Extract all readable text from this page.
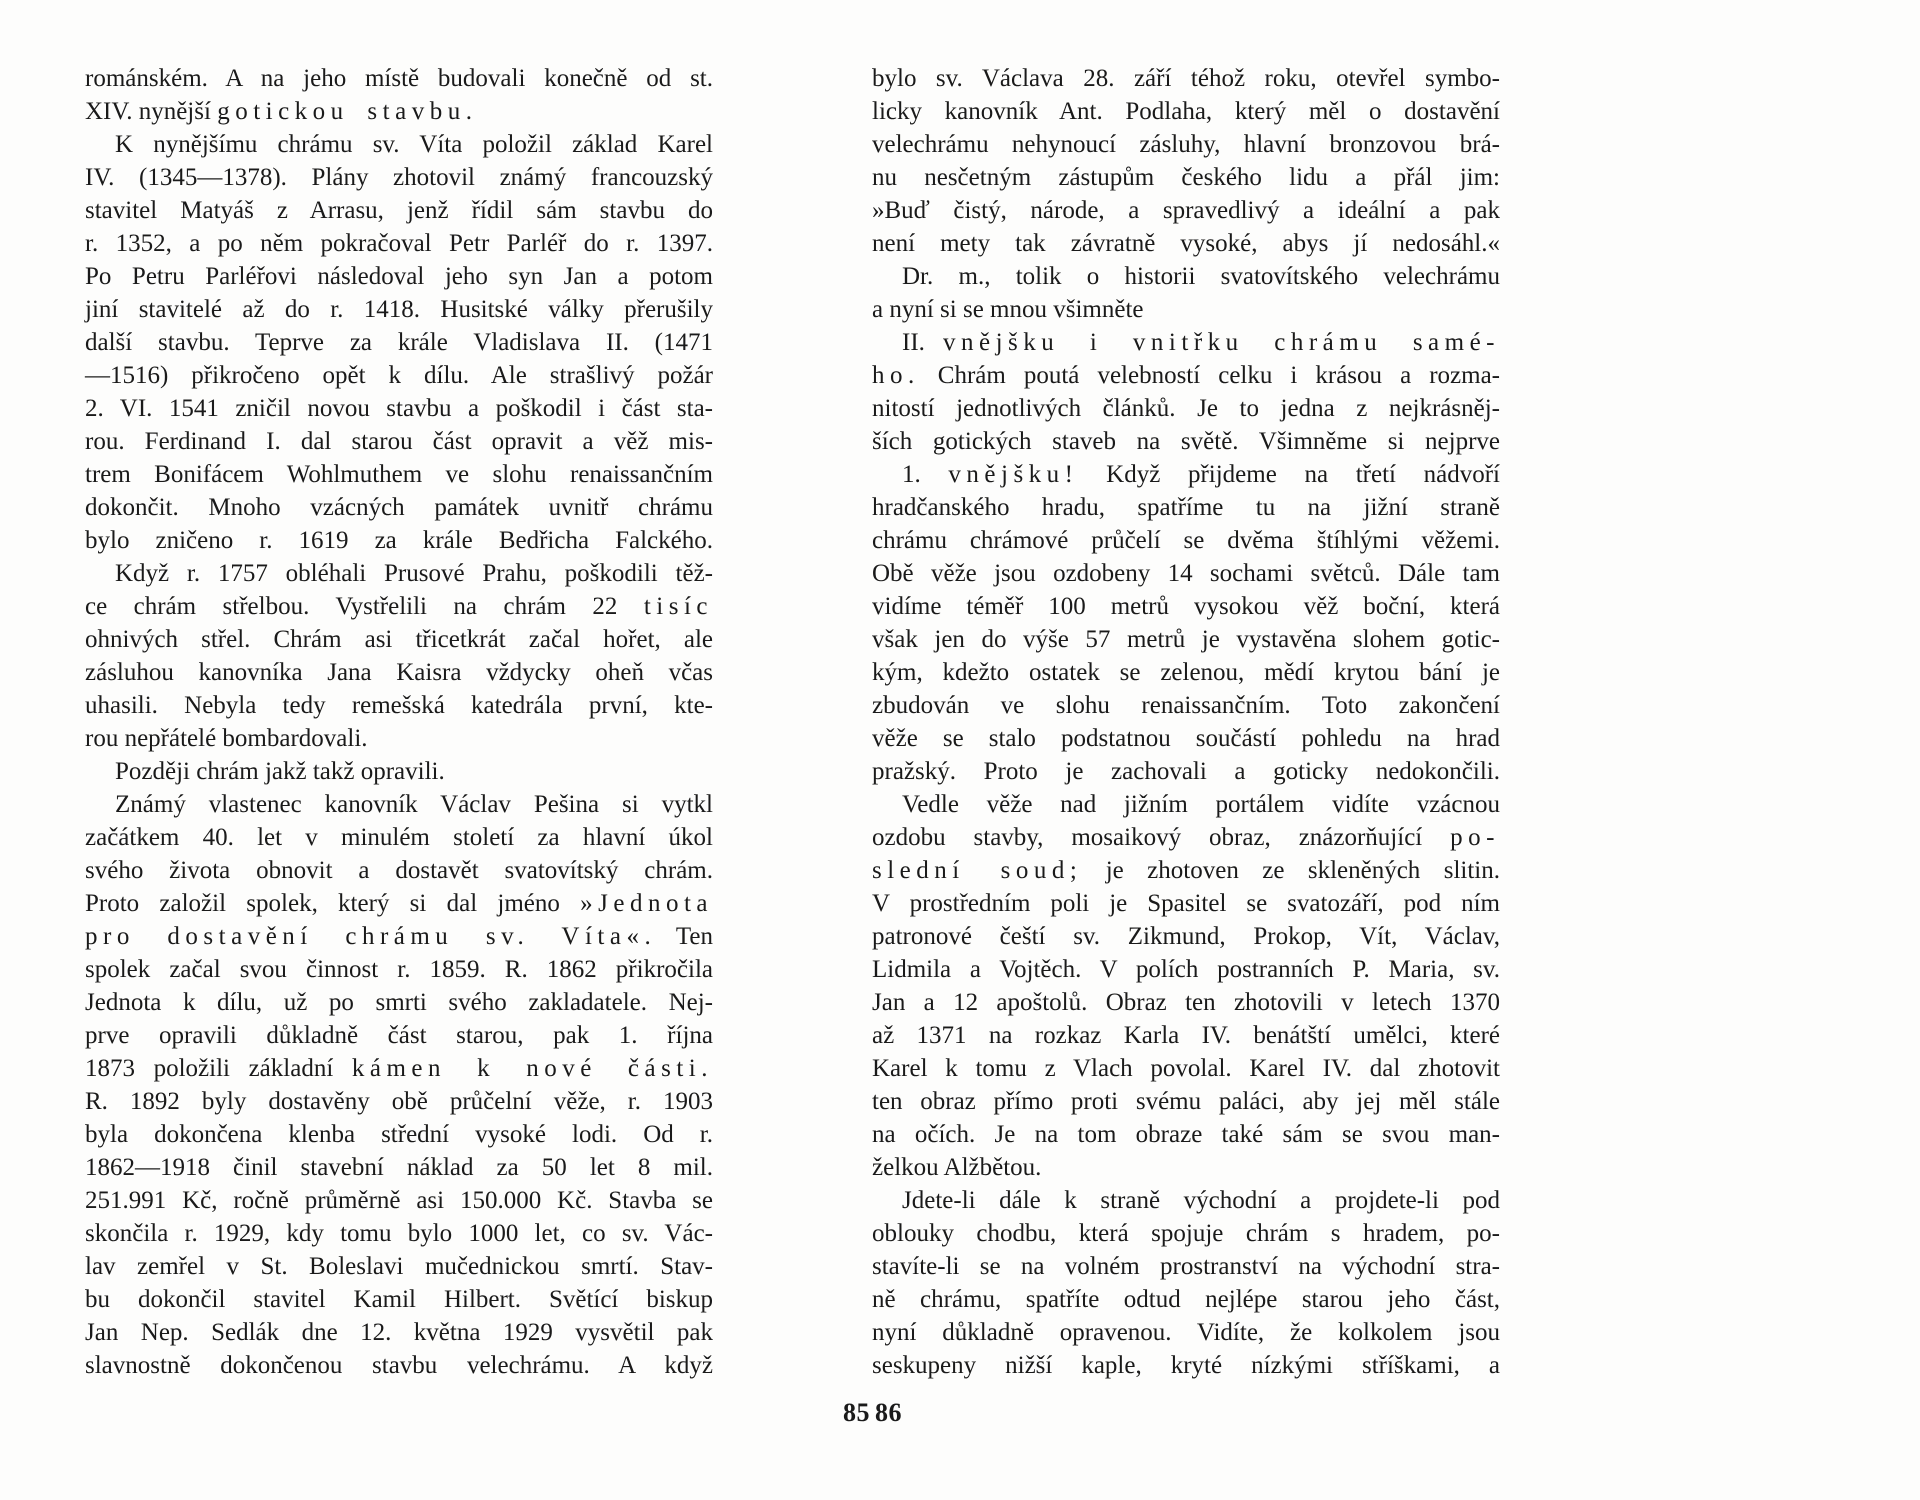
románském. A na jeho místě budovali konečně od st.
XIV. nynější gotickou stavbu.
K nynějšímu chrámu sv. Víta položil základ Karel
IV. (1345—1378). Plány zhotovil známý francouzský
stavitel Matyáš z Arrasu, jenž řídil sám stavbu do
r. 1352, a po něm pokračoval Petr Parléř do r. 1397.
Po Petru Parléřovi následoval jeho syn Jan a potom
jiní stavitelé až do r. 1418. Husitské války přerušily
další stavbu. Teprve za krále Vladislava II. (1471
—1516) přikročeno opět k dílu. Ale strašlivý požár
2. VI. 1541 zničil novou stavbu a poškodil i část sta-
rou. Ferdinand I. dal starou část opravit a věž mis-
trem Bonifácem Wohlmuthem ve slohu renaissančním
dokončit. Mnoho vzácných památek uvnitř chrámu
bylo zničeno r. 1619 za krále Bedřicha Falckého.
Když r. 1757 obléhali Prusové Prahu, poškodili těž-
ce chrám střelbou. Vystřelili na chrám 22 tisíc
ohnivých střel. Chrám asi třicetkrát začal hořet, ale
zásluhou kanovníka Jana Kaisra vždycky oheň včas
uhasili. Nebyla tedy remešská katedrála první, kte-
rou nepřátelé bombardovali.
Později chrám jakž takž opravili.
Známý vlastenec kanovník Václav Pešina si vytkl
začátkem 40. let v minulém století za hlavní úkol
svého života obnovit a dostavět svatovítský chrám.
Proto založil spolek, který si dal jméno »Jednota
pro dostavění chrámu sv. Víta«. Ten
spolek začal svou činnost r. 1859. R. 1862 přikročila
Jednota k dílu, už po smrti svého zakladatele. Nej-
prve opravili důkladně část starou, pak 1. října
1873 položili základní kámen k nové části.
R. 1892 byly dostavěny obě průčelní věže, r. 1903
byla dokončena klenba střední vysoké lodi. Od r.
1862—1918 činil stavební náklad za 50 let 8 mil.
251.991 Kč, ročně průměrně asi 150.000 Kč. Stavba se
skončila r. 1929, kdy tomu bylo 1000 let, co sv. Vác-
lav zemřel v St. Boleslavi mučednickou smrtí. Stav-
bu dokončil stavitel Kamil Hilbert. Světící biskup
Jan Nep. Sedlák dne 12. května 1929 vysvětil pak
slavnostně dokončenou stavbu velechrámu. A když
bylo sv. Václava 28. září téhož roku, otevřel symbo-
licky kanovník Ant. Podlaha, který měl o dostavění
velechrámu nehynoucí zásluhy, hlavní bronzovou brá-
nu nesčetným zástupům českého lidu a přál jim:
»Buď čistý, národe, a spravedlivý a ideální a pak
není mety tak závratně vysoké, abys jí nedosáhl.«
Dr. m., tolik o historii svatovítského velechrámu
a nyní si se mnou všimněte
II. vnějšku i vnitřku chrámu samé-
ho. Chrám poutá velebností celku i krásou a rozma-
nitostí jednotlivých článků. Je to jedna z nejkrásněj-
ších gotických staveb na světě. Všimněme si nejprve
1. vnějšku! Když přijdeme na třetí nádvoří
hradčanského hradu, spatříme tu na jižní straně
chrámu chrámové průčelí se dvěma štíhlými věžemi.
Obě věže jsou ozdobeny 14 sochami světců. Dále tam
vidíme téměř 100 metrů vysokou věž boční, která
však jen do výše 57 metrů je vystavěna slohem gotic-
kým, kdežto ostatek se zelenou, mědí krytou bání je
zbudován ve slohu renaissančním. Toto zakončení
věže se stalo podstatnou součástí pohledu na hrad
pražský. Proto je zachovali a goticky nedokončili.
Vedle věže nad jižním portálem vidíte vzácnou
ozdobu stavby, mosaikový obraz, znázorňující po-
slední soud; je zhotoven ze skleněných slitin.
V prostředním poli je Spasitel se svatozáří, pod ním
patronové čeští sv. Zikmund, Prokop, Vít, Václav,
Lidmila a Vojtěch. V polích postranních P. Maria, sv.
Jan a 12 apoštolů. Obraz ten zhotovili v letech 1370
až 1371 na rozkaz Karla IV. benátští umělci, které
Karel k tomu z Vlach povolal. Karel IV. dal zhotovit
ten obraz přímo proti svému paláci, aby jej měl stále
na očích. Je na tom obraze také sám se svou man-
želkou Alžbětou.
Jdete-li dále k straně východní a projdete-li pod
oblouky chodbu, která spojuje chrám s hradem, po-
stavíte-li se na volném prostranství na východní stra-
ně chrámu, spatříte odtud nejlépe starou jeho část,
nyní důkladně opravenou. Vidíte, že kolkolem jsou
seskupeny nižší kaple, kryté nízkými stříškami, a
85 86
